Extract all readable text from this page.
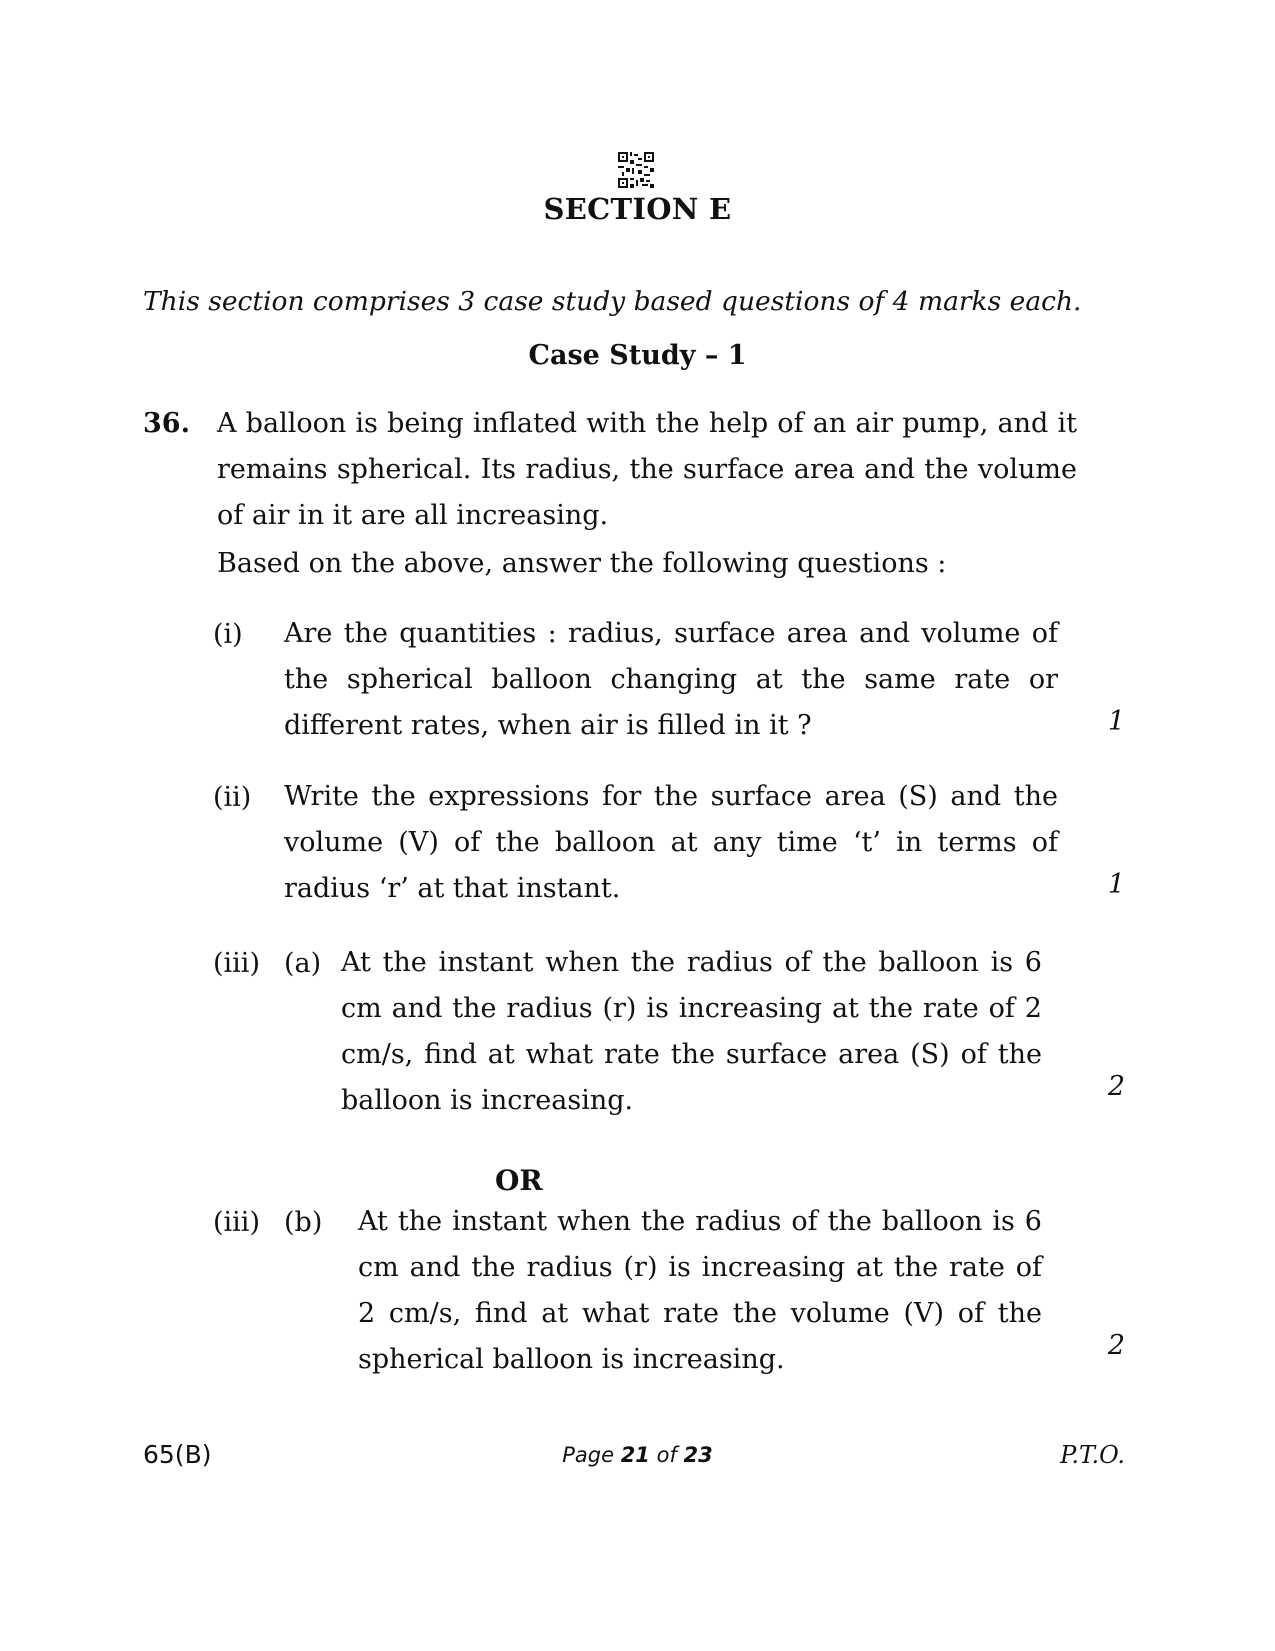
SECTION E
This section comprises 3 case study based questions of 4 marks each.
Case Study – 1
36. A balloon is being inflated with the help of an air pump, and it remains spherical. Its radius, the surface area and the volume of air in it are all increasing.
Based on the above, answer the following questions :
(i) Are the quantities : radius, surface area and volume of the spherical balloon changing at the same rate or different rates, when air is filled in it ?	1
(ii) Write the expressions for the surface area (S) and the volume (V) of the balloon at any time ‘t’ in terms of radius ‘r’ at that instant.	1
(iii) (a) At the instant when the radius of the balloon is 6 cm and the radius (r) is increasing at the rate of 2 cm/s, find at what rate the surface area (S) of the balloon is increasing.	2
OR
(iii) (b) At the instant when the radius of the balloon is 6 cm and the radius (r) is increasing at the rate of 2 cm/s, find at what rate the volume (V) of the spherical balloon is increasing.	2
65(B)	Page 21 of 23	P.T.O.
